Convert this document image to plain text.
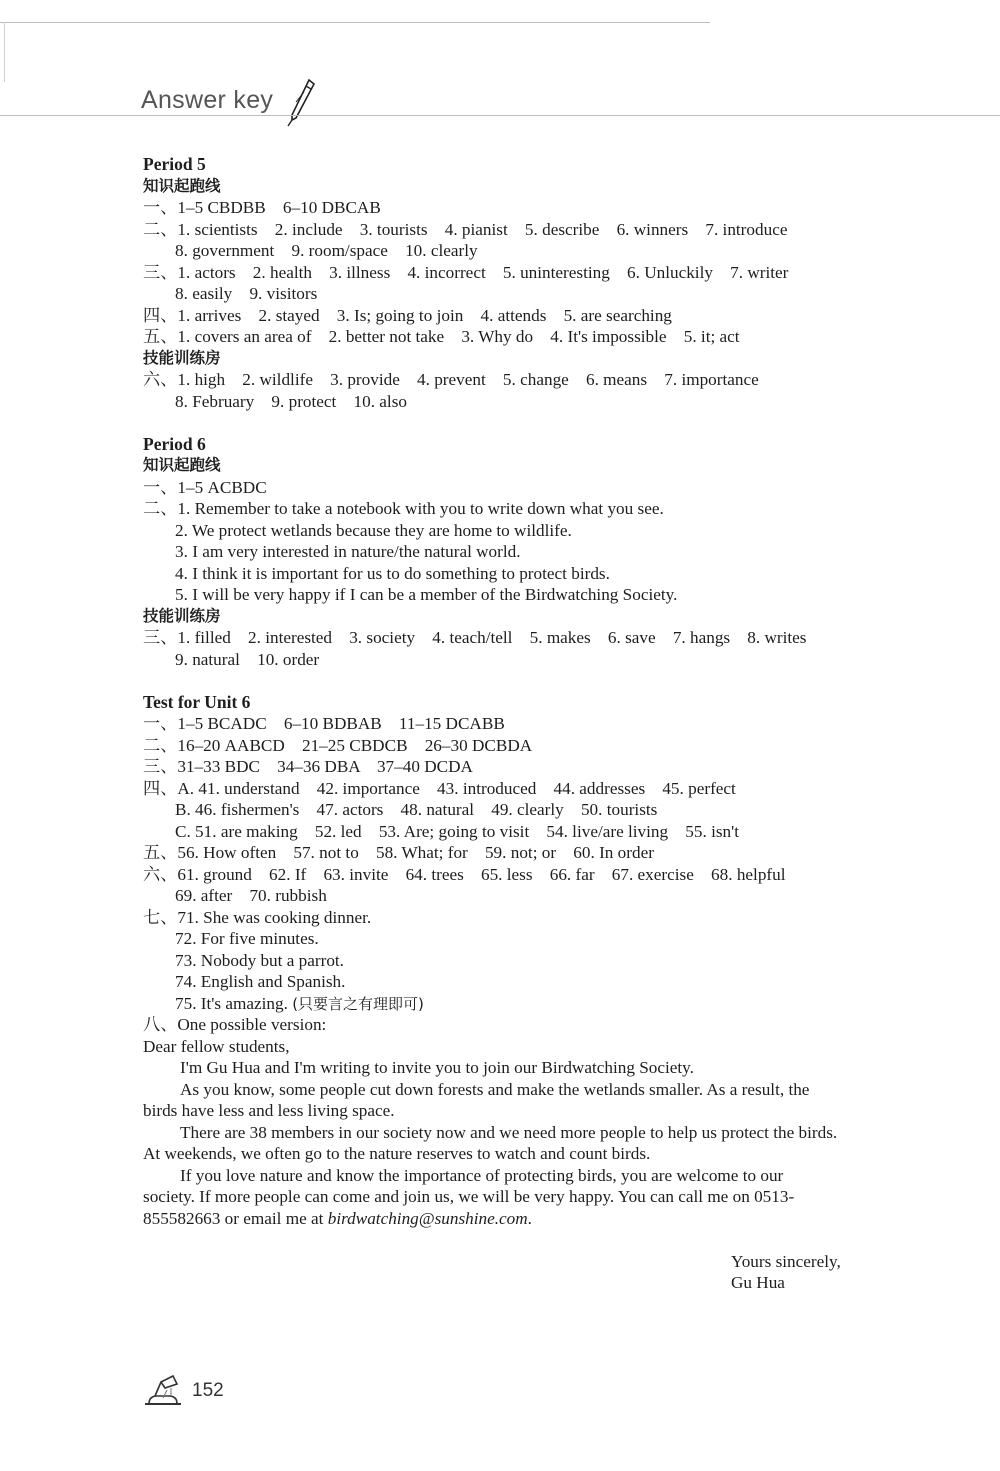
Answer key
Period 5
知识起跑线
一、1–5 CBDBB    6–10 DBCAB
二、1. scientists    2. include    3. tourists    4. pianist    5. describe    6. winners    7. introduce
8. government    9. room/space    10. clearly
三、1. actors    2. health    3. illness    4. incorrect    5. uninteresting    6. Unluckily    7. writer
8. easily    9. visitors
四、1. arrives    2. stayed    3. Is; going to join    4. attends    5. are searching
五、1. covers an area of    2. better not take    3. Why do    4. It's impossible    5. it; act
技能训练房
六、1. high    2. wildlife    3. provide    4. prevent    5. change    6. means    7. importance
8. February    9. protect    10. also
Period 6
知识起跑线
一、1–5 ACBDC
二、1. Remember to take a notebook with you to write down what you see.
2. We protect wetlands because they are home to wildlife.
3. I am very interested in nature/the natural world.
4. I think it is important for us to do something to protect birds.
5. I will be very happy if I can be a member of the Birdwatching Society.
技能训练房
三、1. filled    2. interested    3. society    4. teach/tell    5. makes    6. save    7. hangs    8. writes
9. natural    10. order
Test for Unit 6
一、1–5 BCADC    6–10 BDBAB    11–15 DCABB
二、16–20 AABCD    21–25 CBDCB    26–30 DCBDA
三、31–33 BDC    34–36 DBA    37–40 DCDA
四、A. 41. understand    42. importance    43. introduced    44. addresses    45. perfect
B. 46. fishermen's    47. actors    48. natural    49. clearly    50. tourists
C. 51. are making    52. led    53. Are; going to visit    54. live/are living    55. isn't
五、56. How often    57. not to    58. What; for    59. not; or    60. In order
六、61. ground    62. If    63. invite    64. trees    65. less    66. far    67. exercise    68. helpful
69. after    70. rubbish
七、71. She was cooking dinner.
72. For five minutes.
73. Nobody but a parrot.
74. English and Spanish.
75. It's amazing. (只要言之有理即可)
八、One possible version:
Dear fellow students,
I'm Gu Hua and I'm writing to invite you to join our Birdwatching Society.
As you know, some people cut down forests and make the wetlands smaller. As a result, the
birds have less and less living space.
There are 38 members in our society now and we need more people to help us protect the birds.
At weekends, we often go to the nature reserves to watch and count birds.
If you love nature and know the importance of protecting birds, you are welcome to our
society. If more people can come and join us, we will be very happy. You can call me on 0513-
855582663 or email me at birdwatching@sunshine.com.
Yours sincerely,
Gu Hua
152
